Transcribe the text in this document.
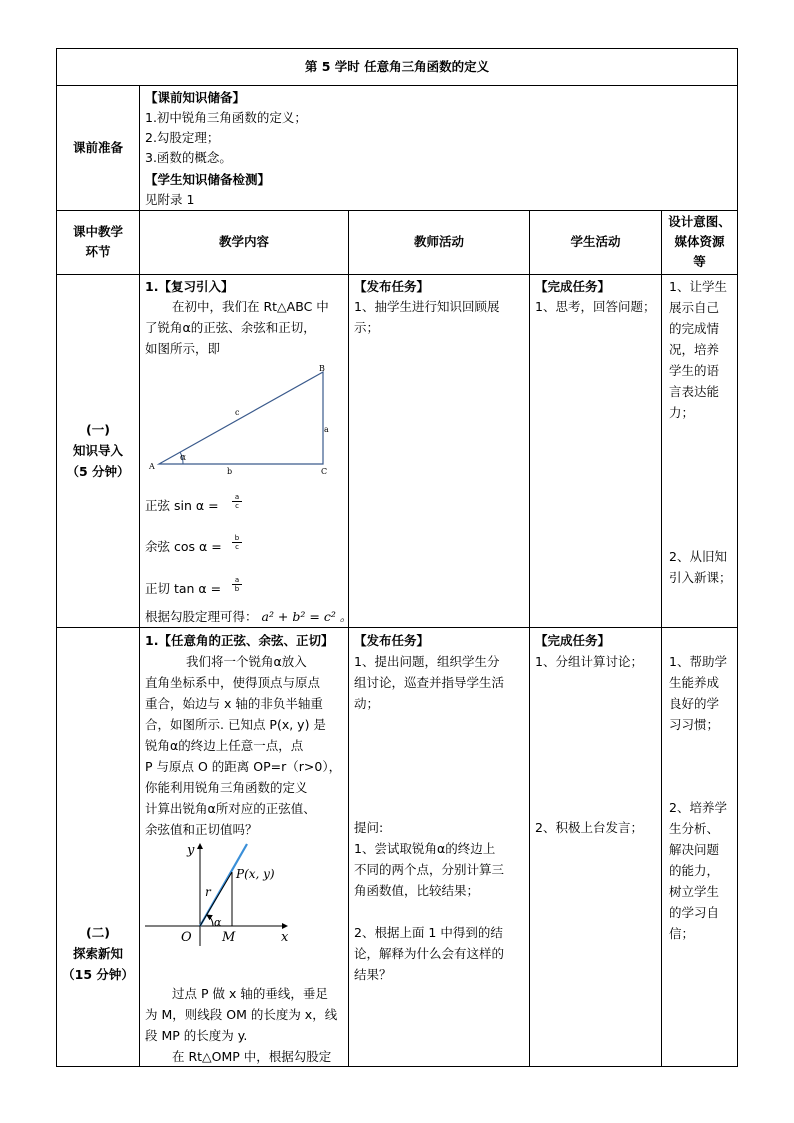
第 5 学时 任意角三角函数的定义
课前准备
【课前知识储备】
1.初中锐角三角函数的定义；
2.勾股定理；
3.函数的概念。
【学生知识储备检测】
见附录 1
课中教学
环节
教学内容	教师活动	学生活动
设计意图、
媒体资源
等
(一)
知识导入
（5 分钟）
1.【复习引入】
在初中，我们在 Rt△ABC 中
了锐角α的正弦、余弦和正切，
如图所示，即
A
B
C
a
b
c
α
正弦 $\sin \alpha = \frac{a}{c}$
余弦 $\cos \alpha = \frac{b}{c}$
正切 $\tan \alpha = \frac{a}{b}$
根据勾股定理可得： a² + b² = c² 。
【发布任务】
1、抽学生进行知识回顾展
示；
【完成任务】
1、思考，回答问题；
1、让学生
展示自己
的完成情
况，培养
学生的语
言表达能
力；
2、从旧知
引入新课；
(二)
探索新知
（15 分钟）
1.【任意角的正弦、余弦、正切】
我们将一个锐角α放入
直角坐标系中，使得顶点与原点
重合，始边与 x 轴的非负半轴重
合，如图所示. 已知点 P(x, y) 是
锐角α的终边上任意一点，点
P 与原点 O 的距离 OP=r（r>0），
你能利用锐角三角函数的定义
计算出锐角α所对应的正弦值、
余弦值和正切值吗？
y
x
P(x, y)
r
α
O M
过点 P 做 x 轴的垂线，垂足
为 M，则线段 OM 的长度为 x，线
段 MP 的长度为 y.
在 Rt△OMP 中，根据勾股定
【发布任务】
1、提出问题，组织学生分
组讨论，巡查并指导学生活
动；
提问:
1、尝试取锐角α的终边上
不同的两个点，分别计算三
角函数值，比较结果；
2、根据上面 1 中得到的结
论，解释为什么会有这样的
结果？
【完成任务】
1、分组计算讨论；
2、积极上台发言；
1、帮助学
生能养成
良好的学
习习惯；
2、培养学
生分析、
解决问题
的能力，
树立学生
的学习自
信；
